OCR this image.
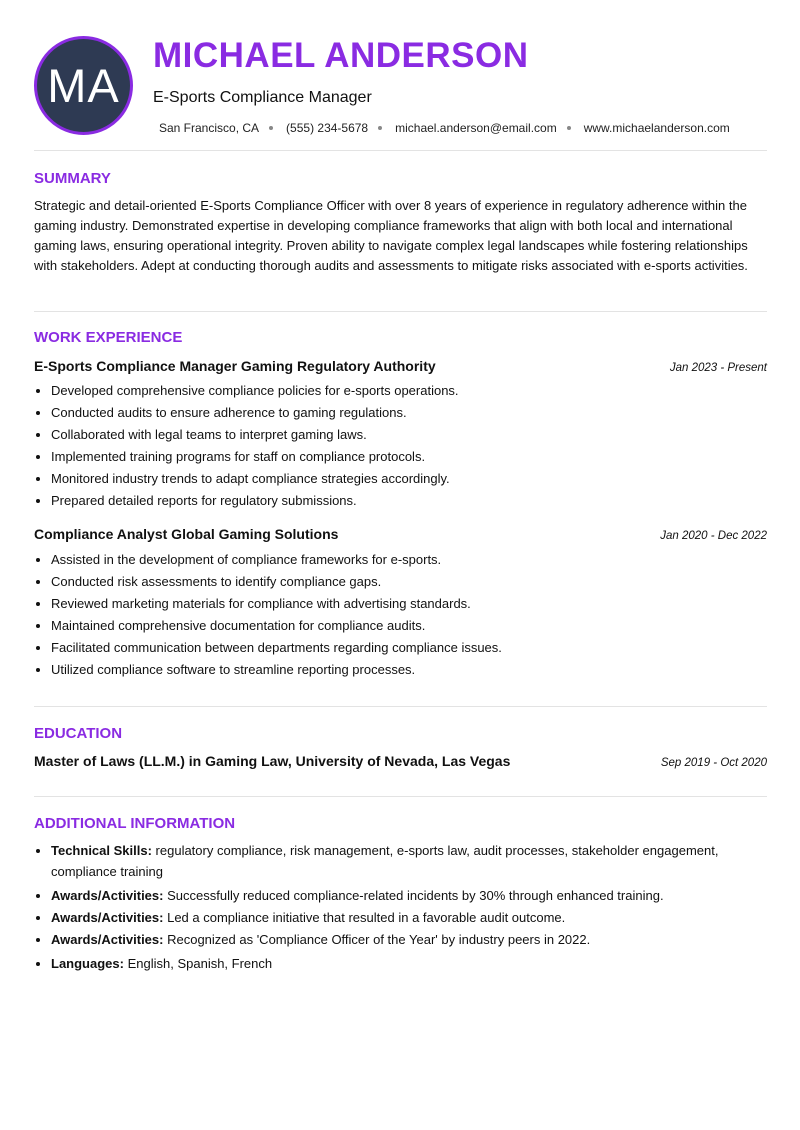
MA
MICHAEL ANDERSON
E-Sports Compliance Manager
San Francisco, CA (555) 234-5678 michael.anderson@email.com www.michaelanderson.com
SUMMARY
Strategic and detail-oriented E-Sports Compliance Officer with over 8 years of experience in regulatory adherence within the gaming industry. Demonstrated expertise in developing compliance frameworks that align with both local and international gaming laws, ensuring operational integrity. Proven ability to navigate complex legal landscapes while fostering relationships with stakeholders. Adept at conducting thorough audits and assessments to mitigate risks associated with e-sports activities.
WORK EXPERIENCE
E-Sports Compliance Manager Gaming Regulatory Authority	Jan 2023 - Present
• Developed comprehensive compliance policies for e-sports operations.
• Conducted audits to ensure adherence to gaming regulations.
• Collaborated with legal teams to interpret gaming laws.
• Implemented training programs for staff on compliance protocols.
• Monitored industry trends to adapt compliance strategies accordingly.
• Prepared detailed reports for regulatory submissions.
Compliance Analyst Global Gaming Solutions	Jan 2020 - Dec 2022
• Assisted in the development of compliance frameworks for e-sports.
• Conducted risk assessments to identify compliance gaps.
• Reviewed marketing materials for compliance with advertising standards.
• Maintained comprehensive documentation for compliance audits.
• Facilitated communication between departments regarding compliance issues.
• Utilized compliance software to streamline reporting processes.
EDUCATION
Master of Laws (LL.M.) in Gaming Law, University of Nevada, Las Vegas	Sep 2019 - Oct 2020
ADDITIONAL INFORMATION
• Technical Skills: regulatory compliance, risk management, e-sports law, audit processes, stakeholder engagement, compliance training
• Awards/Activities: Successfully reduced compliance-related incidents by 30% through enhanced training.
• Awards/Activities: Led a compliance initiative that resulted in a favorable audit outcome.
• Awards/Activities: Recognized as 'Compliance Officer of the Year' by industry peers in 2022.
• Languages: English, Spanish, French
